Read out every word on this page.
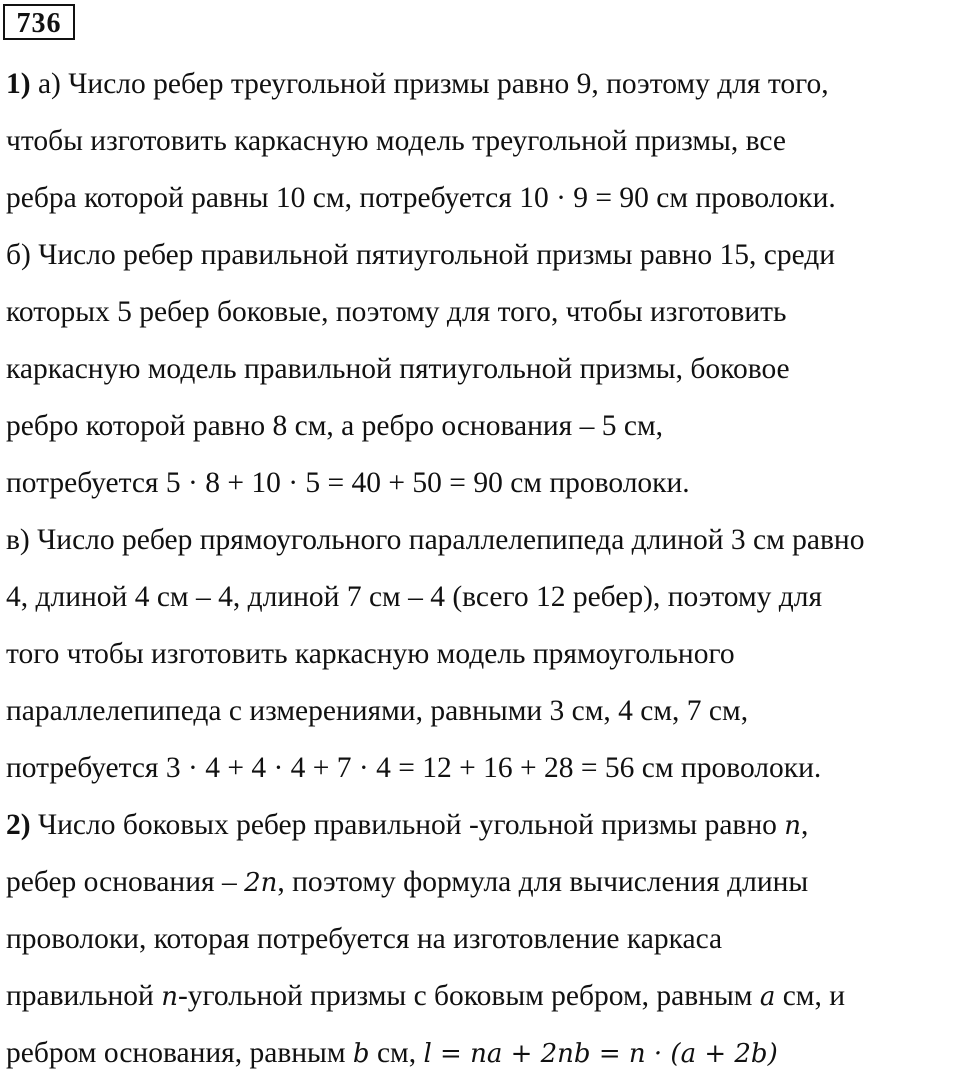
736
1) а) Число ребер треугольной призмы равно 9, поэтому для того,
чтобы изготовить каркасную модель треугольной призмы, все
ребра которой равны 10 см, потребуется 10 · 9 = 90 см проволоки.
б) Число ребер правильной пятиугольной призмы равно 15, среди
которых 5 ребер боковые, поэтому для того, чтобы изготовить
каркасную модель правильной пятиугольной призмы, боковое
ребро которой равно 8 см, а ребро основания – 5 см,
потребуется 5 · 8 + 10 · 5 = 40 + 50 = 90 см проволоки.
в) Число ребер прямоугольного параллелепипеда длиной 3 см равно
4, длиной 4 см – 4, длиной 7 см – 4 (всего 12 ребер), поэтому для
того чтобы изготовить каркасную модель прямоугольного
параллелепипеда с измерениями, равными 3 см, 4 см, 7 см,
потребуется 3 · 4 + 4 · 4 + 7 · 4 = 12 + 16 + 28 = 56 см проволоки.
2) Число боковых ребер правильной -угольной призмы равно n,
ребер основания – 2n, поэтому формула для вычисления длины
проволоки, которая потребуется на изготовление каркаса
правильной n-угольной призмы с боковым ребром, равным a см, и
ребром основания, равным b см, l = na + 2nb = n · (a + 2b)
